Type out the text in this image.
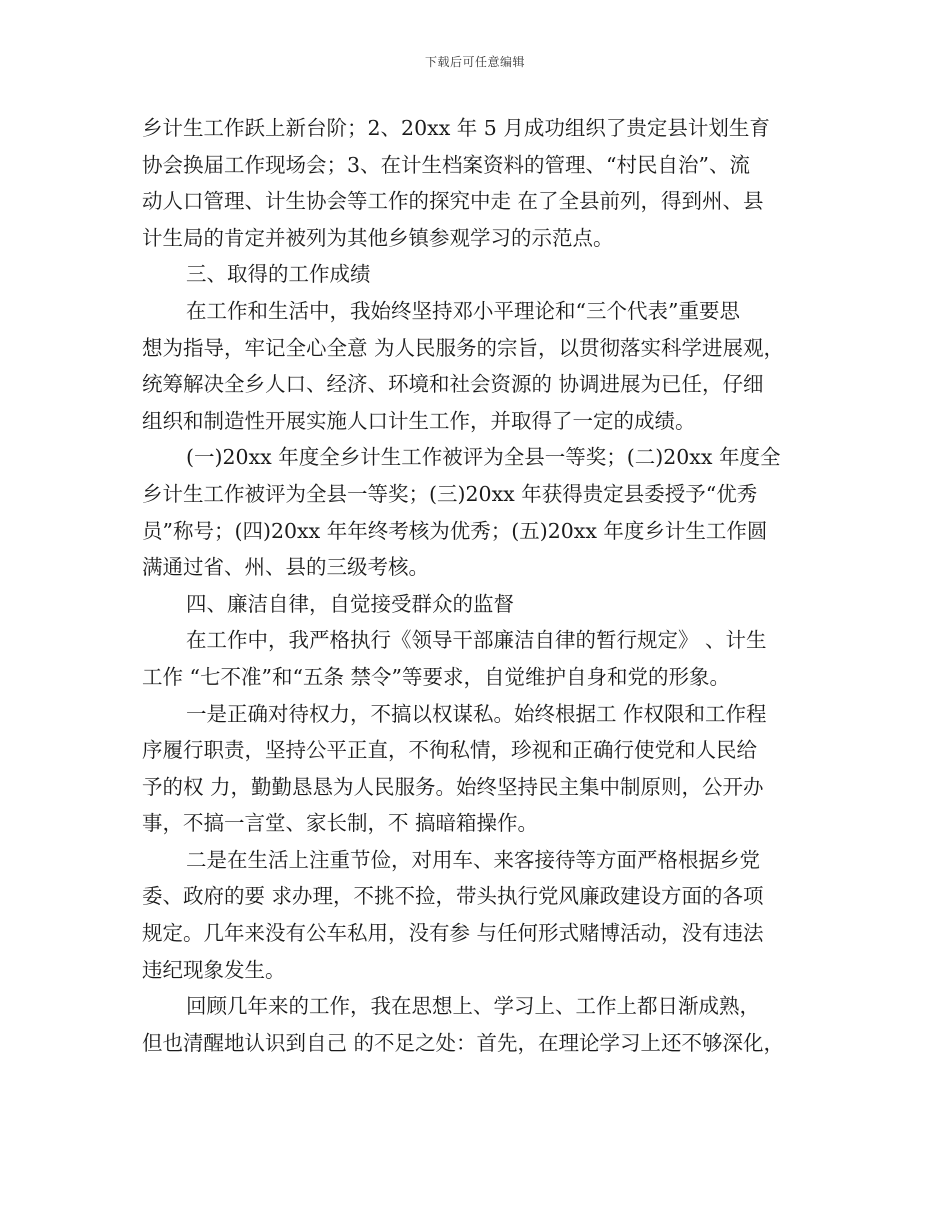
下载后可任意编辑
乡计生工作跃上新台阶；2、20xx 年 5 月成功组织了贵定县计划生育
协会换届工作现场会；3、在计生档案资料的管理、“村民自治”、流
动人口管理、计生协会等工作的探究中走 在了全县前列，得到州、县
计生局的肯定并被列为其他乡镇参观学习的示范点。
三、取得的工作成绩
在工作和生活中，我始终坚持邓小平理论和“三个代表”重要思
想为指导，牢记全心全意 为人民服务的宗旨，以贯彻落实科学进展观，
统筹解决全乡人口、经济、环境和社会资源的 协调进展为已任，仔细
组织和制造性开展实施人口计生工作，并取得了一定的成绩。
(一)20xx 年度全乡计生工作被评为全县一等奖；(二)20xx 年度全
乡计生工作被评为全县一等奖；(三)20xx 年获得贵定县委授予“优秀
员”称号；(四)20xx 年年终考核为优秀；(五)20xx 年度乡计生工作圆
满通过省、州、县的三级考核。
四、廉洁自律，自觉接受群众的监督
在工作中，我严格执行《领导干部廉洁自律的暂行规定》 、计生
工作 “七不准”和“五条 禁令”等要求，自觉维护自身和党的形象。
一是正确对待权力，不搞以权谋私。始终根据工 作权限和工作程
序履行职责，坚持公平正直，不徇私情，珍视和正确行使党和人民给
予的权 力，勤勤恳恳为人民服务。始终坚持民主集中制原则，公开办
事，不搞一言堂、家长制，不 搞暗箱操作。
二是在生活上注重节俭，对用车、来客接待等方面严格根据乡党
委、政府的要 求办理，不挑不捡，带头执行党风廉政建设方面的各项
规定。几年来没有公车私用，没有参 与任何形式赌博活动，没有违法
违纪现象发生。
回顾几年来的工作，我在思想上、学习上、工作上都日渐成熟，
但也清醒地认识到自己 的不足之处：首先，在理论学习上还不够深化，
